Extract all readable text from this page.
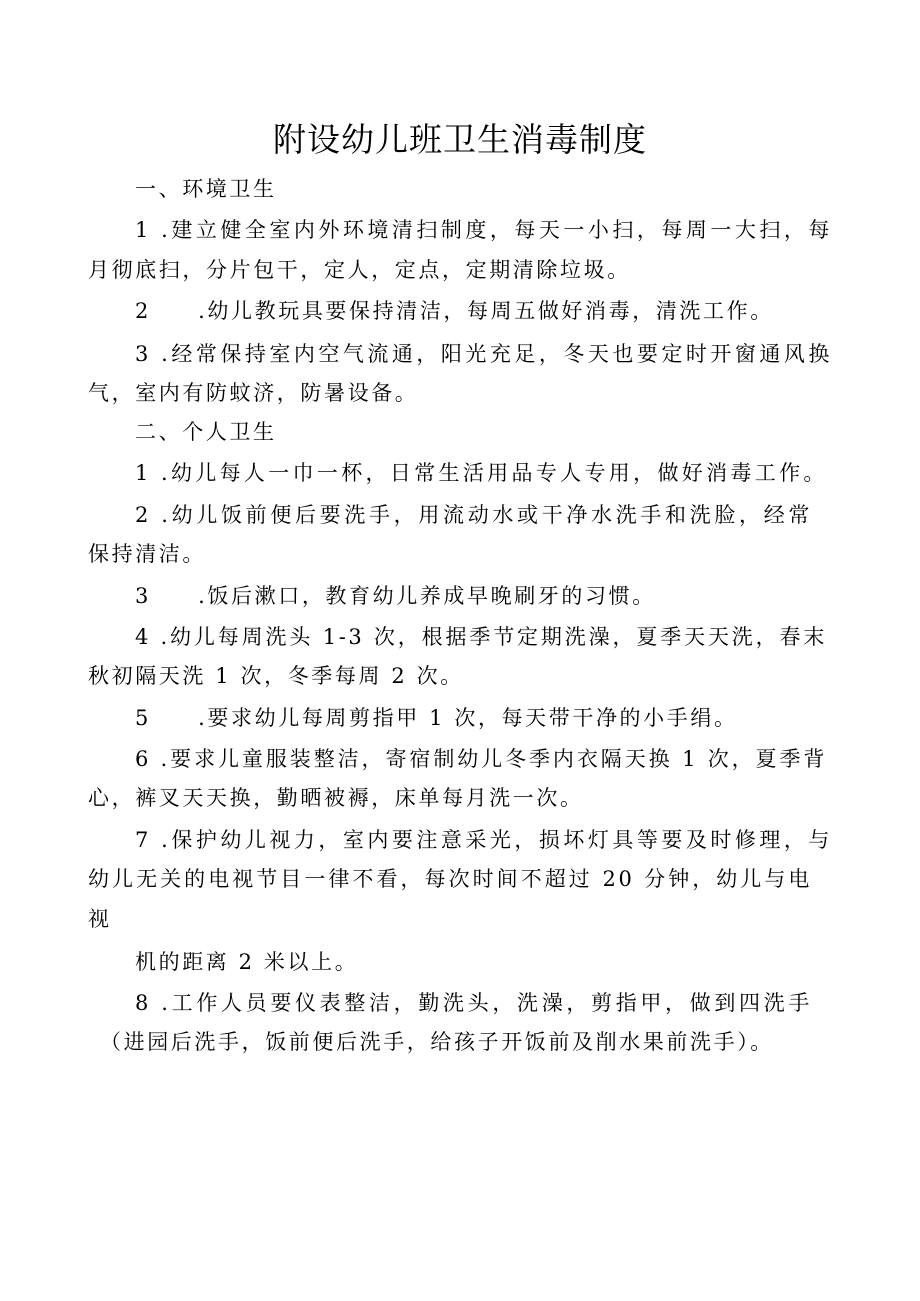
附设幼儿班卫生消毒制度

一、环境卫生

1 .建立健全室内外环境清扫制度，每天一小扫，每周一大扫，每

月彻底扫，分片包干，定人，定点，定期清除垃圾。

2　　.幼儿教玩具要保持清洁，每周五做好消毒，清洗工作。

3 .经常保持室内空气流通，阳光充足，冬天也要定时开窗通风换

气，室内有防蚊济，防暑设备。

二、个人卫生

1 .幼儿每人一巾一杯，日常生活用品专人专用，做好消毒工作。

2 .幼儿饭前便后要洗手，用流动水或干净水洗手和洗脸，经常

保持清洁。

3　　.饭后漱口，教育幼儿养成早晚刷牙的习惯。

4 .幼儿每周洗头 1-3 次，根据季节定期洗澡，夏季天天洗，春末

秋初隔天洗 1 次，冬季每周 2 次。

5　　.要求幼儿每周剪指甲 1 次，每天带干净的小手绢。

6 .要求儿童服装整洁，寄宿制幼儿冬季内衣隔天换 1 次，夏季背

心，裤叉天天换，勤晒被褥，床单每月洗一次。

7 .保护幼儿视力，室内要注意采光，损坏灯具等要及时修理，与

幼儿无关的电视节目一律不看，每次时间不超过 20 分钟，幼儿与电

视

机的距离 2 米以上。

8 .工作人员要仪表整洁，勤洗头，洗澡，剪指甲，做到四洗手

（进园后洗手，饭前便后洗手，给孩子开饭前及削水果前洗手）。
